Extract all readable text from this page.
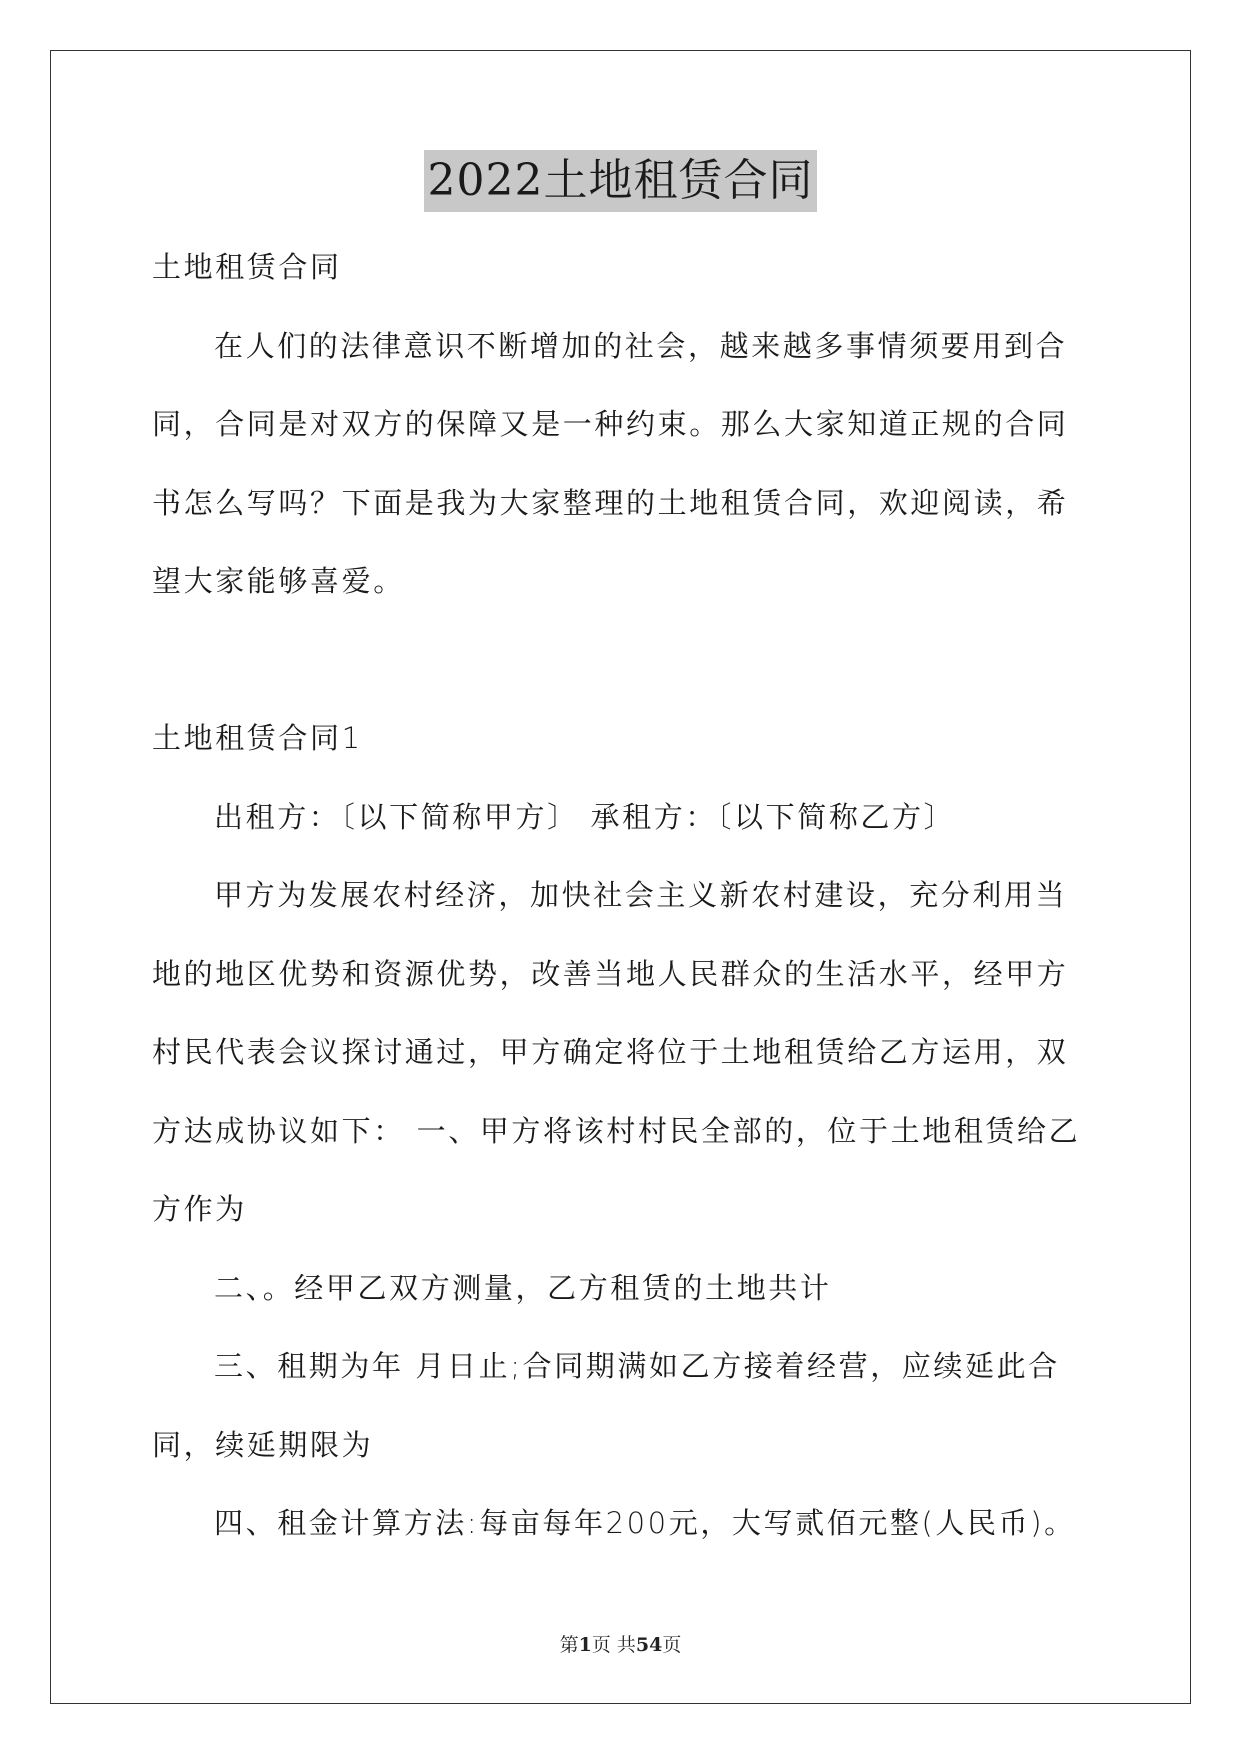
2022土地租赁合同

土地租赁合同

在人们的法律意识不断增加的社会，越来越多事情须要用到合同，合同是对双方的保障又是一种约束。那么大家知道正规的合同书怎么写吗？下面是我为大家整理的土地租赁合同，欢迎阅读，希望大家能够喜爱。

土地租赁合同1

出租方：〔以下简称甲方〕 承租方：〔以下简称乙方〕

甲方为发展农村经济，加快社会主义新农村建设，充分利用当地的地区优势和资源优势，改善当地人民群众的生活水平，经甲方村民代表会议探讨通过，甲方确定将位于土地租赁给乙方运用，双方达成协议如下： 一、甲方将该村村民全部的，位于土地租赁给乙方作为

二、。经甲乙双方测量，乙方租赁的土地共计

三、租期为年 月日止;合同期满如乙方接着经营，应续延此合同，续延期限为

四、租金计算方法:每亩每年200元，大写贰佰元整(人民币)。

第1页 共54页
